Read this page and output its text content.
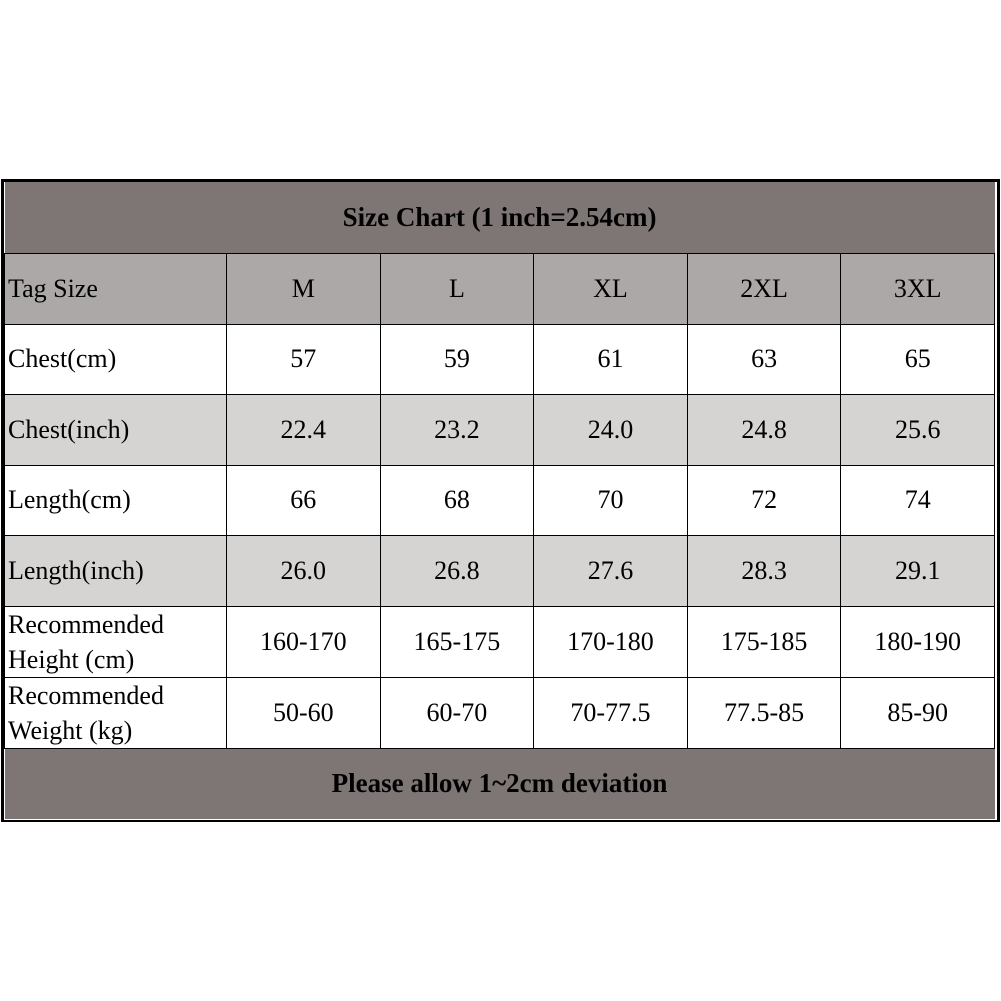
Size Chart (1 inch=2.54cm)					
Tag Size	M	L	XL	2XL	3XL
Chest(cm)	57	59	61	63	65
Chest(inch)	22.4	23.2	24.0	24.8	25.6
Length(cm)	66	68	70	72	74
Length(inch)	26.0	26.8	27.6	28.3	29.1
Recommended
Height (cm)	160-170	165-175	170-180	175-185	180-190
Recommended
Weight (kg)	50-60	60-70	70-77.5	77.5-85	85-90
Please allow 1~2cm deviation					
